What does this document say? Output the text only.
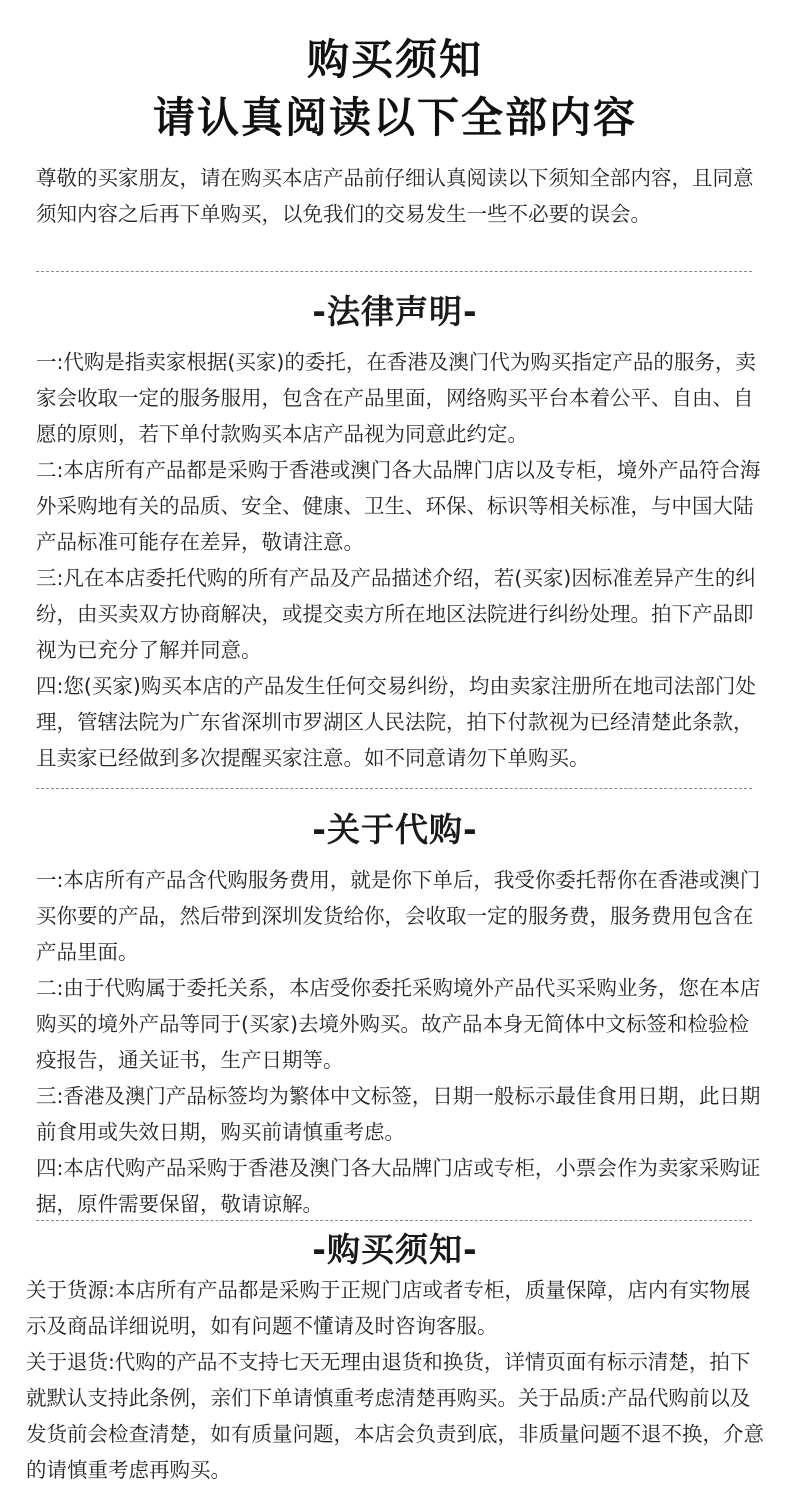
购买须知
请认真阅读以下全部内容

尊敬的买家朋友，请在购买本店产品前仔细认真阅读以下须知全部内容，且同意须知内容之后再下单购买，以免我们的交易发生一些不必要的误会。

-法律声明-

一:代购是指卖家根据(买家)的委托，在香港及澳门代为购买指定产品的服务，卖家会收取一定的服务服用，包含在产品里面，网络购买平台本着公平、自由、自愿的原则，若下单付款购买本店产品视为同意此约定。

二:本店所有产品都是采购于香港或澳门各大品牌门店以及专柜，境外产品符合海外采购地有关的品质、安全、健康、卫生、环保、标识等相关标准，与中国大陆产品标准可能存在差异，敬请注意。

三:凡在本店委托代购的所有产品及产品描述介绍，若(买家)因标准差异产生的纠纷，由买卖双方协商解决，或提交卖方所在地区法院进行纠纷处理。拍下产品即视为已充分了解并同意。

四:您(买家)购买本店的产品发生任何交易纠纷，均由卖家注册所在地司法部门处理，管辖法院为广东省深圳市罗湖区人民法院，拍下付款视为已经清楚此条款，且卖家已经做到多次提醒买家注意。如不同意请勿下单购买。

-关于代购-

一:本店所有产品含代购服务费用，就是你下单后，我受你委托帮你在香港或澳门买你要的产品，然后带到深圳发货给你，会收取一定的服务费，服务费用包含在产品里面。

二:由于代购属于委托关系，本店受你委托采购境外产品代买采购业务，您在本店购买的境外产品等同于(买家)去境外购买。故产品本身无简体中文标签和检验检疫报告，通关证书，生产日期等。

三:香港及澳门产品标签均为繁体中文标签，日期一般标示最佳食用日期，此日期前食用或失效日期，购买前请慎重考虑。

四:本店代购产品采购于香港及澳门各大品牌门店或专柜，小票会作为卖家采购证据，原件需要保留，敬请谅解。

-购买须知-

关于货源:本店所有产品都是采购于正规门店或者专柜，质量保障，店内有实物展示及商品详细说明，如有问题不懂请及时咨询客服。

关于退货:代购的产品不支持七天无理由退货和换货，详情页面有标示清楚，拍下就默认支持此条例，亲们下单请慎重考虑清楚再购买。关于品质:产品代购前以及发货前会检查清楚，如有质量问题，本店会负责到底，非质量问题不退不换，介意的请慎重考虑再购买。
